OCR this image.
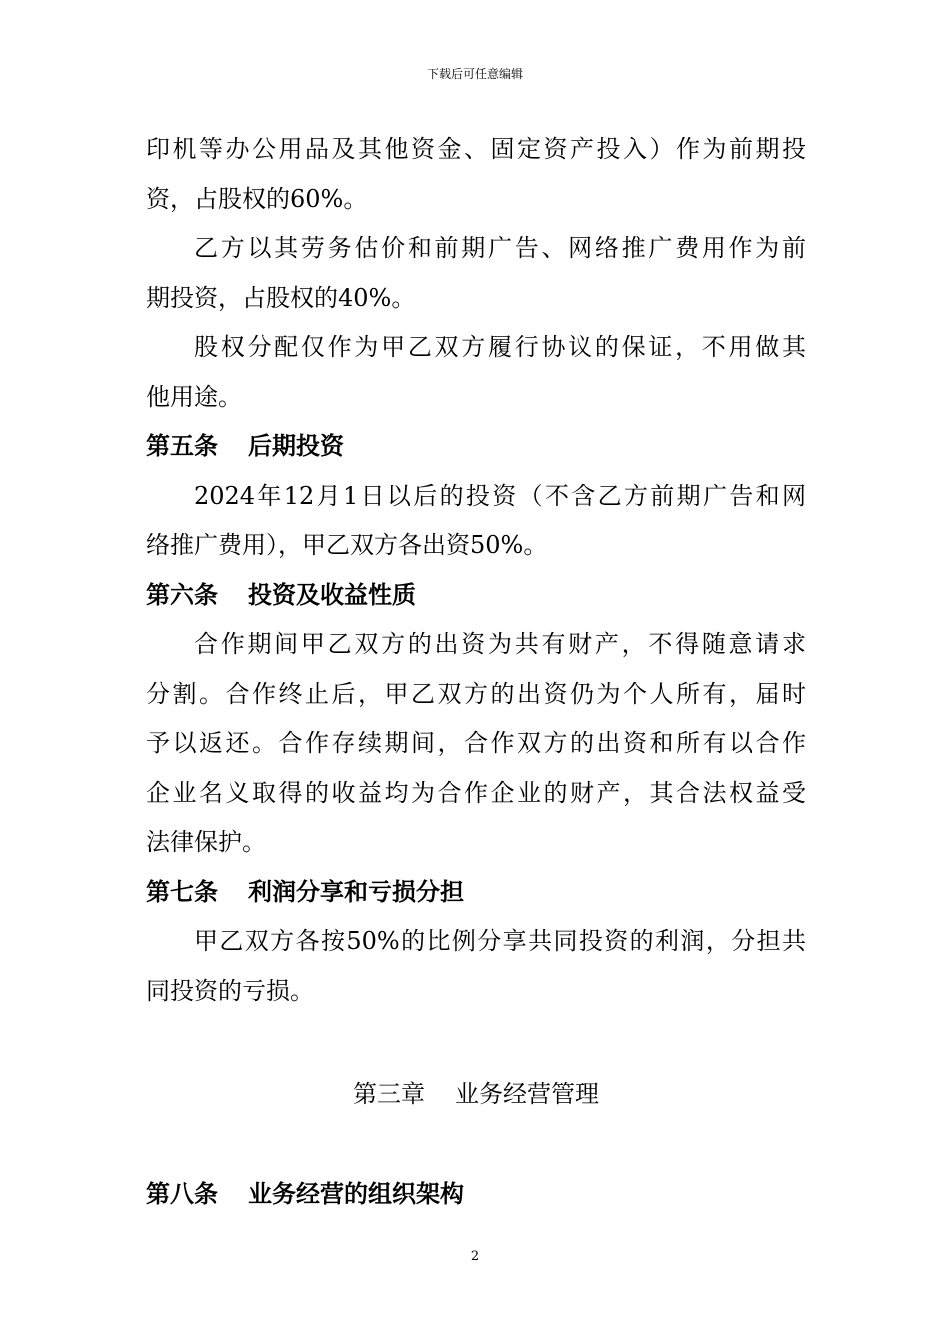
下载后可任意编辑
印机等办公用品及其他资金、固定资产投入）作为前期投
资，占股权的60%。
乙方以其劳务估价和前期广告、网络推广费用作为前
期投资，占股权的40%。
股权分配仅作为甲乙双方履行协议的保证，不用做其
他用途。
第五条 后期投资
2024年12月1日以后的投资（不含乙方前期广告和网
络推广费用），甲乙双方各出资50%。
第六条 投资及收益性质
合作期间甲乙双方的出资为共有财产，不得随意请求
分割。合作终止后，甲乙双方的出资仍为个人所有，届时
予以返还。合作存续期间，合作双方的出资和所有以合作
企业名义取得的收益均为合作企业的财产，其合法权益受
法律保护。
第七条 利润分享和亏损分担
甲乙双方各按50%的比例分享共同投资的利润，分担共
同投资的亏损。
第三章 业务经营管理
第八条 业务经营的组织架构
2
